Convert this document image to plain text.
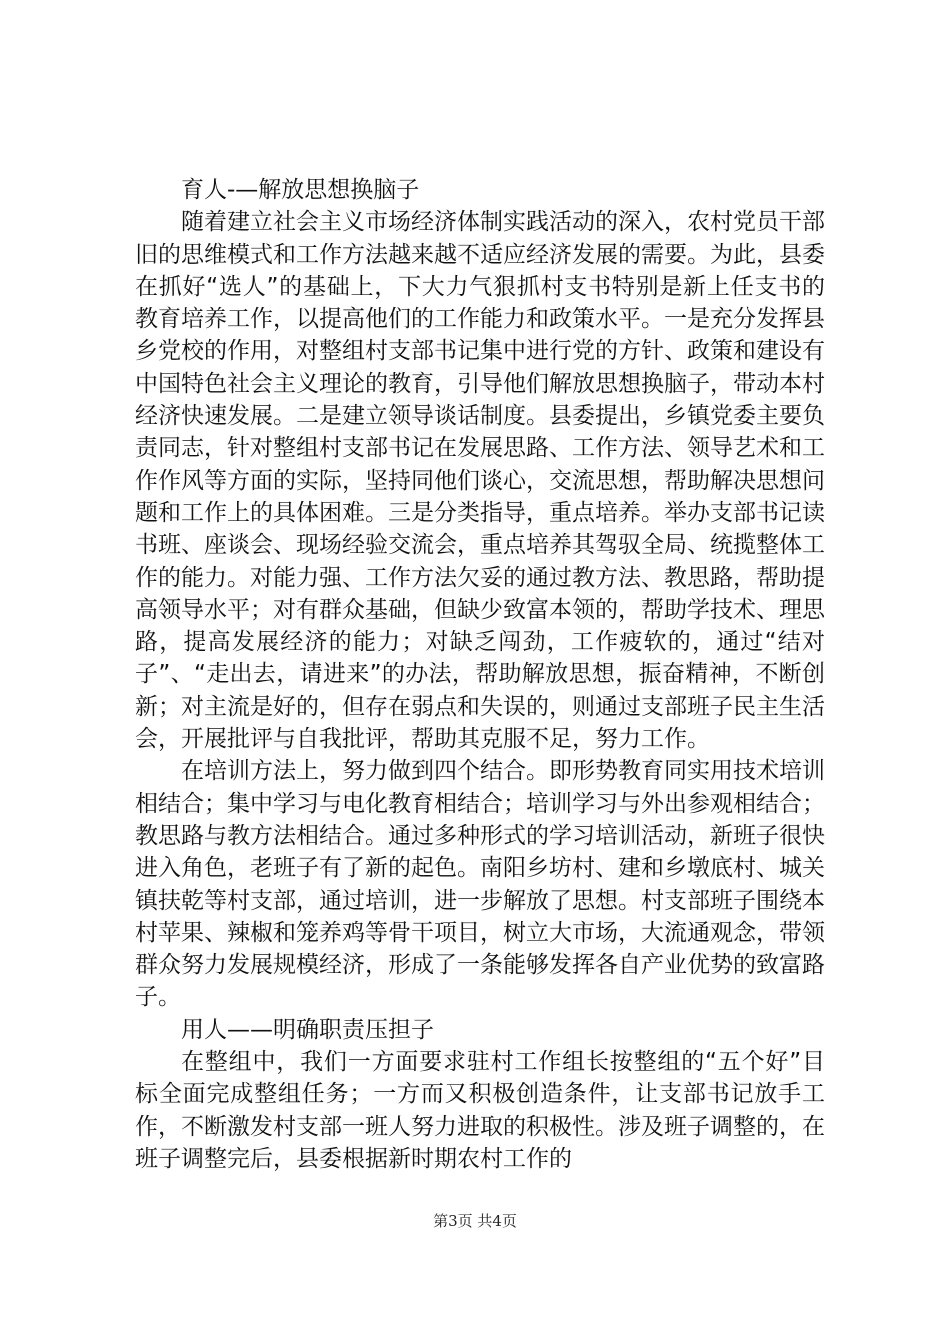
育人-—解放思想换脑子

随着建立社会主义市场经济体制实践活动的深入，农村党员干部旧的思维模式和工作方法越来越不适应经济发展的需要。为此，县委在抓好“选人”的基础上，下大力气狠抓村支书特别是新上任支书的教育培养工作，以提高他们的工作能力和政策水平。一是充分发挥县乡党校的作用，对整组村支部书记集中进行党的方针、政策和建设有中国特色社会主义理论的教育，引导他们解放思想换脑子，带动本村经济快速发展。二是建立领导谈话制度。县委提出，乡镇党委主要负责同志，针对整组村支部书记在发展思路、工作方法、领导艺术和工作作风等方面的实际，坚持同他们谈心，交流思想，帮助解决思想问题和工作上的具体困难。三是分类指导，重点培养。举办支部书记读书班、座谈会、现场经验交流会，重点培养其驾驭全局、统揽整体工作的能力。对能力强、工作方法欠妥的通过教方法、教思路，帮助提高领导水平；对有群众基础，但缺少致富本领的，帮助学技术、理思路，提高发展经济的能力；对缺乏闯劲，工作疲软的，通过“结对子”、“走出去，请进来”的办法，帮助解放思想，振奋精神，不断创新；对主流是好的，但存在弱点和失误的，则通过支部班子民主生活会，开展批评与自我批评，帮助其克服不足，努力工作。

在培训方法上，努力做到四个结合。即形势教育同实用技术培训相结合；集中学习与电化教育相结合；培训学习与外出参观相结合；教思路与教方法相结合。通过多种形式的学习培训活动，新班子很快进入角色，老班子有了新的起色。南阳乡坊村、建和乡墩底村、城关镇扶乾等村支部，通过培训，进一步解放了思想。村支部班子围绕本村苹果、辣椒和笼养鸡等骨干项目，树立大市场，大流通观念，带领群众努力发展规模经济，形成了一条能够发挥各自产业优势的致富路子。

用人——明确职责压担子

在整组中，我们一方面要求驻村工作组长按整组的“五个好”目标全面完成整组任务；一方而又积极创造条件，让支部书记放手工作，不断激发村支部一班人努力进取的积极性。涉及班子调整的，在班子调整完后，县委根据新时期农村工作的

第3页 共4页
